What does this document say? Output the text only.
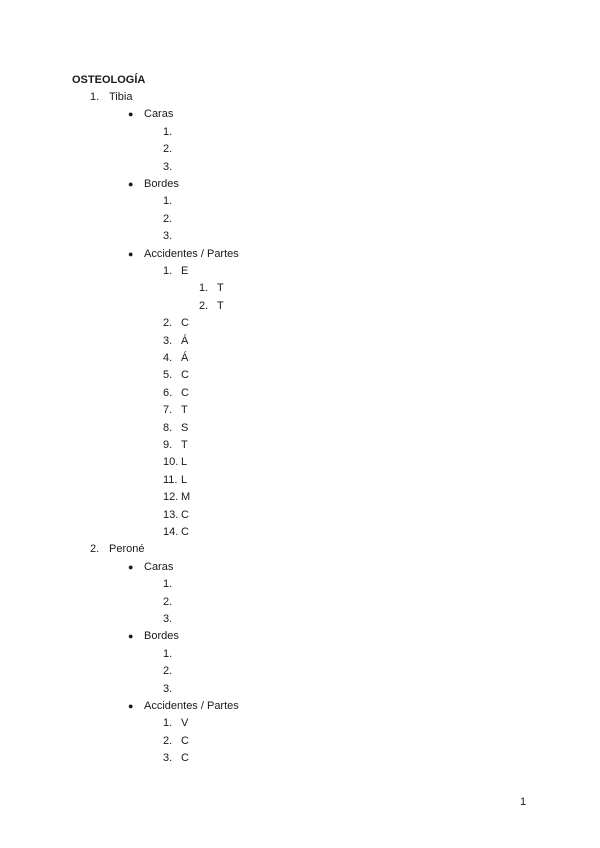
OSTEOLOGÍA
1. Tibia
● Caras
1.
2.
3.
● Bordes
1.
2.
3.
● Accidentes / Partes
1. E
1. T
2. T
2. C
3. Á
4. Á
5. C
6. C
7. T
8. S
9. T
10. L
11. L
12. M
13. C
14. C
2. Peroné
● Caras
1.
2.
3.
● Bordes
1.
2.
3.
● Accidentes / Partes
1. V
2. C
3. C
1
